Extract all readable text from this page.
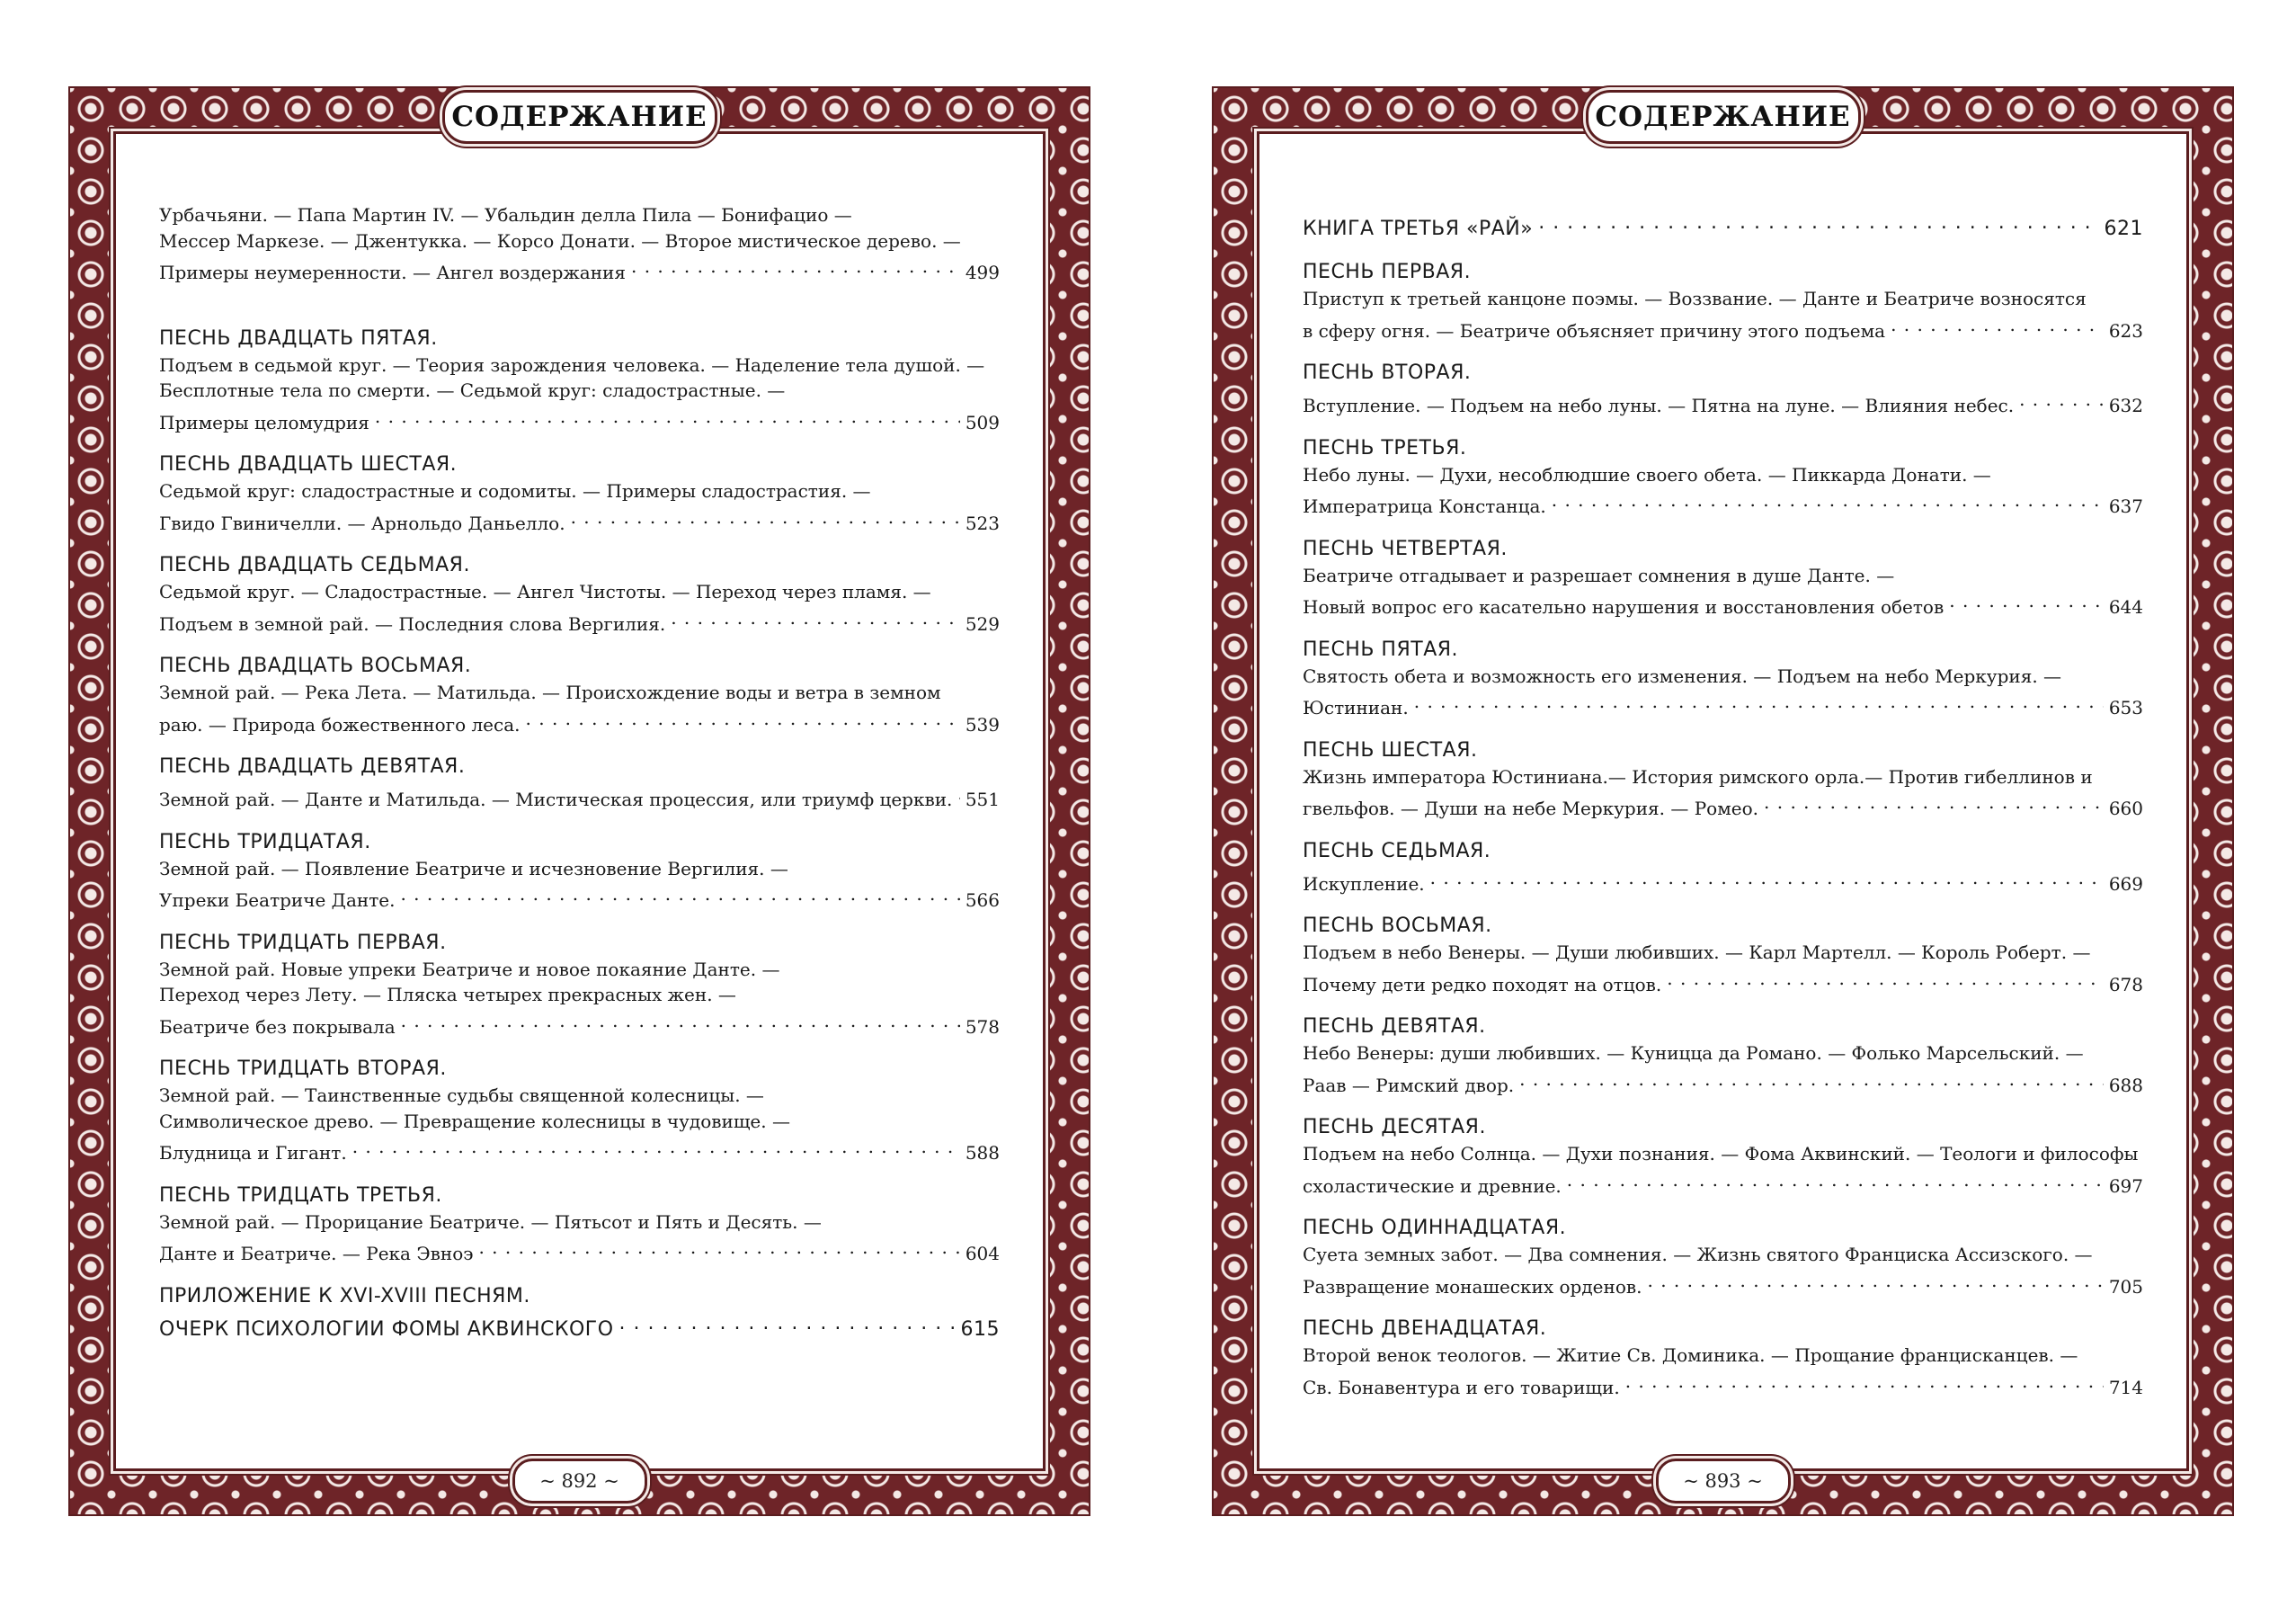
СОДЕРЖАНИЕ
Урбачьяни. — Папа Мартин IV. — Убальдин делла Пила — Бонифацио —
Мессер Маркезе. — Джентукка. — Корсо Донати. — Второе мистическое дерево. —
Примеры неумеренности. — Ангел воздержания . . .	499
ПЕСНЬ ДВАДЦАТЬ ПЯТАЯ.
Подъем в седьмой круг. — Теория зарождения человека. — Наделение тела душой. —
Бесплотные тела по смерти. — Седьмой круг: сладострастные. —
Примеры целомудрия . . .	509
ПЕСНЬ ДВАДЦАТЬ ШЕСТАЯ.
Седьмой круг: сладострастные и содомиты. — Примеры сладострастия. —
Гвидо Гвиничелли. — Арнольдо Даньелло. . . .	523
ПЕСНЬ ДВАДЦАТЬ СЕДЬМАЯ.
Седьмой круг. — Сладострастные. — Ангел Чистоты. — Переход через пламя. —
Подъем в земной рай. — Последния слова Вергилия. . . .	529
ПЕСНЬ ДВАДЦАТЬ ВОСЬМАЯ.
Земной рай. — Река Лета. — Матильда. — Происхождение воды и ветра в земном
раю. — Природа божественного леса. . . .	539
ПЕСНЬ ДВАДЦАТЬ ДЕВЯТАЯ.
Земной рай. — Данте и Матильда. — Мистическая процессия, или триумф церкви. . . . 551
ПЕСНЬ ТРИДЦАТАЯ.
Земной рай. — Появление Беатриче и исчезновение Вергилия. —
Упреки Беатриче Данте. . . .	566
ПЕСНЬ ТРИДЦАТЬ ПЕРВАЯ.
Земной рай. Новые упреки Беатриче и новое покаяние Данте. —
Переход через Лету. — Пляска четырех прекрасных жен. —
Беатриче без покрывала . . .	578
ПЕСНЬ ТРИДЦАТЬ ВТОРАЯ.
Земной рай. — Таинственные судьбы священной колесницы. —
Символическое древо. — Превращение колесницы в чудовище. —
Блудница и Гигант. . . .	588
ПЕСНЬ ТРИДЦАТЬ ТРЕТЬЯ.
Земной рай. — Прорицание Беатриче. — Пятьсот и Пять и Десять. —
Данте и Беатриче. — Река Эвноэ . . .	604
ПРИЛОЖЕНИЕ К XVI-XVIII ПЕСНЯМ.
ОЧЕРК ПСИХОЛОГИИ ФОМЫ АКВИНСКОГО . . .	615
~ 892 ~
СОДЕРЖАНИЕ
КНИГА ТРЕТЬЯ «РАЙ» . . .	621
ПЕСНЬ ПЕРВАЯ.
Приступ к третьей канцоне поэмы. — Воззвание. — Данте и Беатриче возносятся
в сферу огня. — Беатриче объясняет причину этого подъема . . .	623
ПЕСНЬ ВТОРАЯ.
Вступление. — Подъем на небо луны. — Пятна на луне. — Влияния небес. . . .	632
ПЕСНЬ ТРЕТЬЯ.
Небо луны. — Духи, несоблюдшие своего обета. — Пиккарда Донати. —
Императрица Констанца. . . .	637
ПЕСНЬ ЧЕТВЕРТАЯ.
Беатриче отгадывает и разрешает сомнения в душе Данте. —
Новый вопрос его касательно нарушения и восстановления обетов . . .	644
ПЕСНЬ ПЯТАЯ.
Святость обета и возможность его изменения. — Подъем на небо Меркурия. —
Юстиниан. . . .	653
ПЕСНЬ ШЕСТАЯ.
Жизнь императора Юстиниана.— История римского орла.— Против гибеллинов и
гвельфов. — Души на небе Меркурия. — Ромео. . . .	660
ПЕСНЬ СЕДЬМАЯ.
Искупление. . . .	669
ПЕСНЬ ВОСЬМАЯ.
Подъем в небо Венеры. — Души любивших. — Карл Мартелл. — Король Роберт. —
Почему дети редко походят на отцов. . . .	678
ПЕСНЬ ДЕВЯТАЯ.
Небо Венеры: души любивших. — Куницца да Романо. — Фолько Марсельский. —
Раав — Римский двор. . . .	688
ПЕСНЬ ДЕСЯТАЯ.
Подъем на небо Солнца. — Духи познания. — Фома Аквинский. — Теологи и философы
схоластические и древние. . . .	697
ПЕСНЬ ОДИННАДЦАТАЯ.
Суета земных забот. — Два сомнения. — Жизнь святого Франциска Ассизского. —
Развращение монашеских орденов. . . .	705
ПЕСНЬ ДВЕНАДЦАТАЯ.
Второй венок теологов. — Житие Св. Доминика. — Прощание францисканцев. —
Св. Бонавентура и его товарищи. . . .	714
~ 893 ~
